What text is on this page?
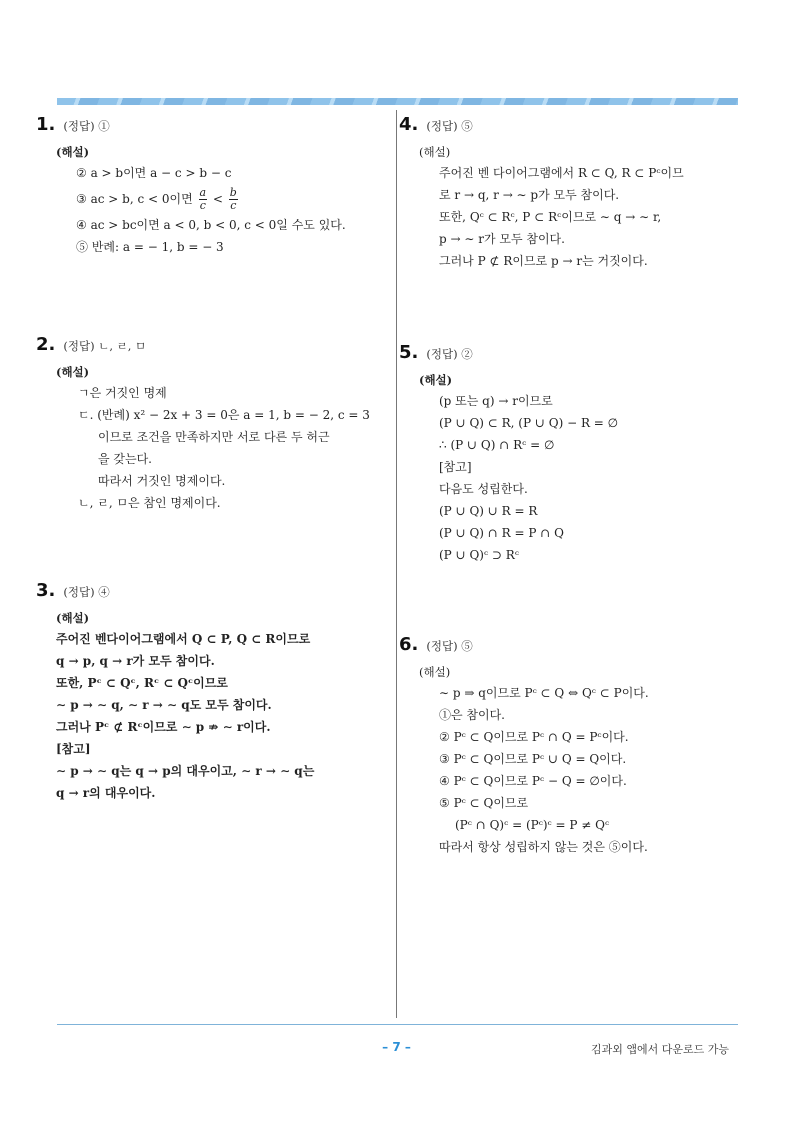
1. (정답) ①
(해설)
② a > b이면 a − c > b − c
③ ac > b, c < 0이면 $\frac{a}{c} < \frac{b}{c}$
④ ac > bc이면 a < 0, b < 0, c < 0일 수도 있다.
⑤ 반례: a = − 1, b = − 3
2. (정답) ㄴ, ㄹ, ㅁ
(해설)
ㄱ은 거짓인 명제
ㄷ. (반례) x² − 2x + 3 = 0은 a = 1, b = − 2, c = 3
이므로 조건을 만족하지만 서로 다른 두 허근
을 갖는다.
따라서 거짓인 명제이다.
ㄴ, ㄹ, ㅁ은 참인 명제이다.
3. (정답) ④
(해설)
주어진 벤다이어그램에서 Q ⊂ P, Q ⊂ R이므로
q → p, q → r가 모두 참이다.
또한, Pᶜ ⊂ Qᶜ, Rᶜ ⊂ Qᶜ이므로
∼ p → ∼ q, ∼ r → ∼ q도 모두 참이다.
그러나 Pᶜ ⊄ Rᶜ이므로 ∼ p ⇏ ∼ r이다.
[참고]
∼ p → ∼ q는 q → p의 대우이고, ∼ r → ∼ q는
q → r의 대우이다.
4. (정답) ⑤
(해설)
주어진 벤 다이어그램에서 R ⊂ Q, R ⊂ Pᶜ이므
로 r → q, r → ∼ p가 모두 참이다.
또한, Qᶜ ⊂ Rᶜ, P ⊂ Rᶜ이므로 ∼ q → ∼ r,
p → ∼ r가 모두 참이다.
그러나 P ⊄ R이므로 p → r는 거짓이다.
5. (정답) ②
(해설)
(p 또는 q) → r이므로
(P ∪ Q) ⊂ R, (P ∪ Q) − R = ∅
∴ (P ∪ Q) ∩ Rᶜ = ∅
[참고]
다음도 성립한다.
(P ∪ Q) ∪ R = R
(P ∪ Q) ∩ R = P ∩ Q
(P ∪ Q)ᶜ ⊃ Rᶜ
6. (정답) ⑤
(해설)
∼ p ⇒ q이므로 Pᶜ ⊂ Q ⇔ Qᶜ ⊂ P이다.
①은 참이다.
② Pᶜ ⊂ Q이므로 Pᶜ ∩ Q = Pᶜ이다.
③ Pᶜ ⊂ Q이므로 Pᶜ ∪ Q = Q이다.
④ Pᶜ ⊂ Q이므로 Pᶜ − Q = ∅이다.
⑤ Pᶜ ⊂ Q이므로
(Pᶜ ∩ Q)ᶜ = (Pᶜ)ᶜ = P ≠ Qᶜ
따라서 항상 성립하지 않는 것은 ⑤이다.
– 7 –	김과외 앱에서 다운로드 가능
